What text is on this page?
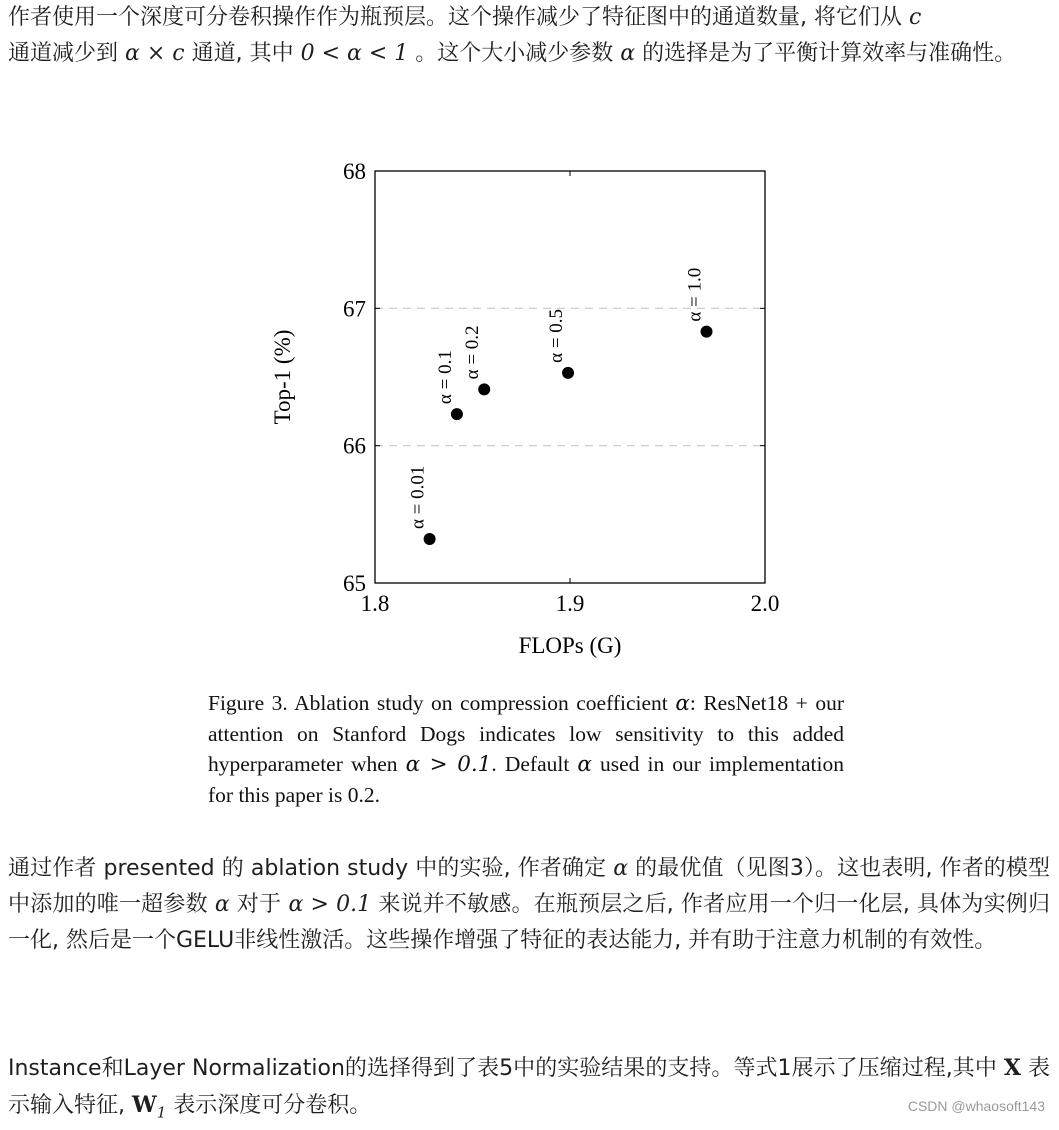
作者使用一个深度可分卷积操作作为瓶预层。这个操作减少了特征图中的通道数量, 将它们从 c
通道减少到 α × c 通道, 其中 0 < α < 1 。这个大小减少参数 α 的选择是为了平衡计算效率与准确性。

65
66
67
68
1.8	1.9	2.0
α = 0.01
α = 0.1 α = 0.2	α = 0.5
α = 1.0
FLOPs (G)
Top-1 (%)

Figure 3. Ablation study on compression coefficient α: ResNet18 + our attention on Stanford Dogs indicates low sensitivity to this added hyperparameter when α > 0.1. Default α used in our implementation for this paper is 0.2.

通过作者 presented 的 ablation study 中的实验, 作者确定 α 的最优值（见图3）。这也表明, 作者的模型中添加的唯一超参数 α 对于 α > 0.1 来说并不敏感。在瓶预层之后, 作者应用一个归一化层, 具体为实例归一化, 然后是一个GELU非线性激活。这些操作增强了特征的表达能力, 并有助于注意力机制的有效性。

Instance和Layer Normalization的选择得到了表5中的实验结果的支持。等式1展示了压缩过程,其中 X 表示输入特征, $W_1$ 表示深度可分卷积。	CSDN @whaosoft143
